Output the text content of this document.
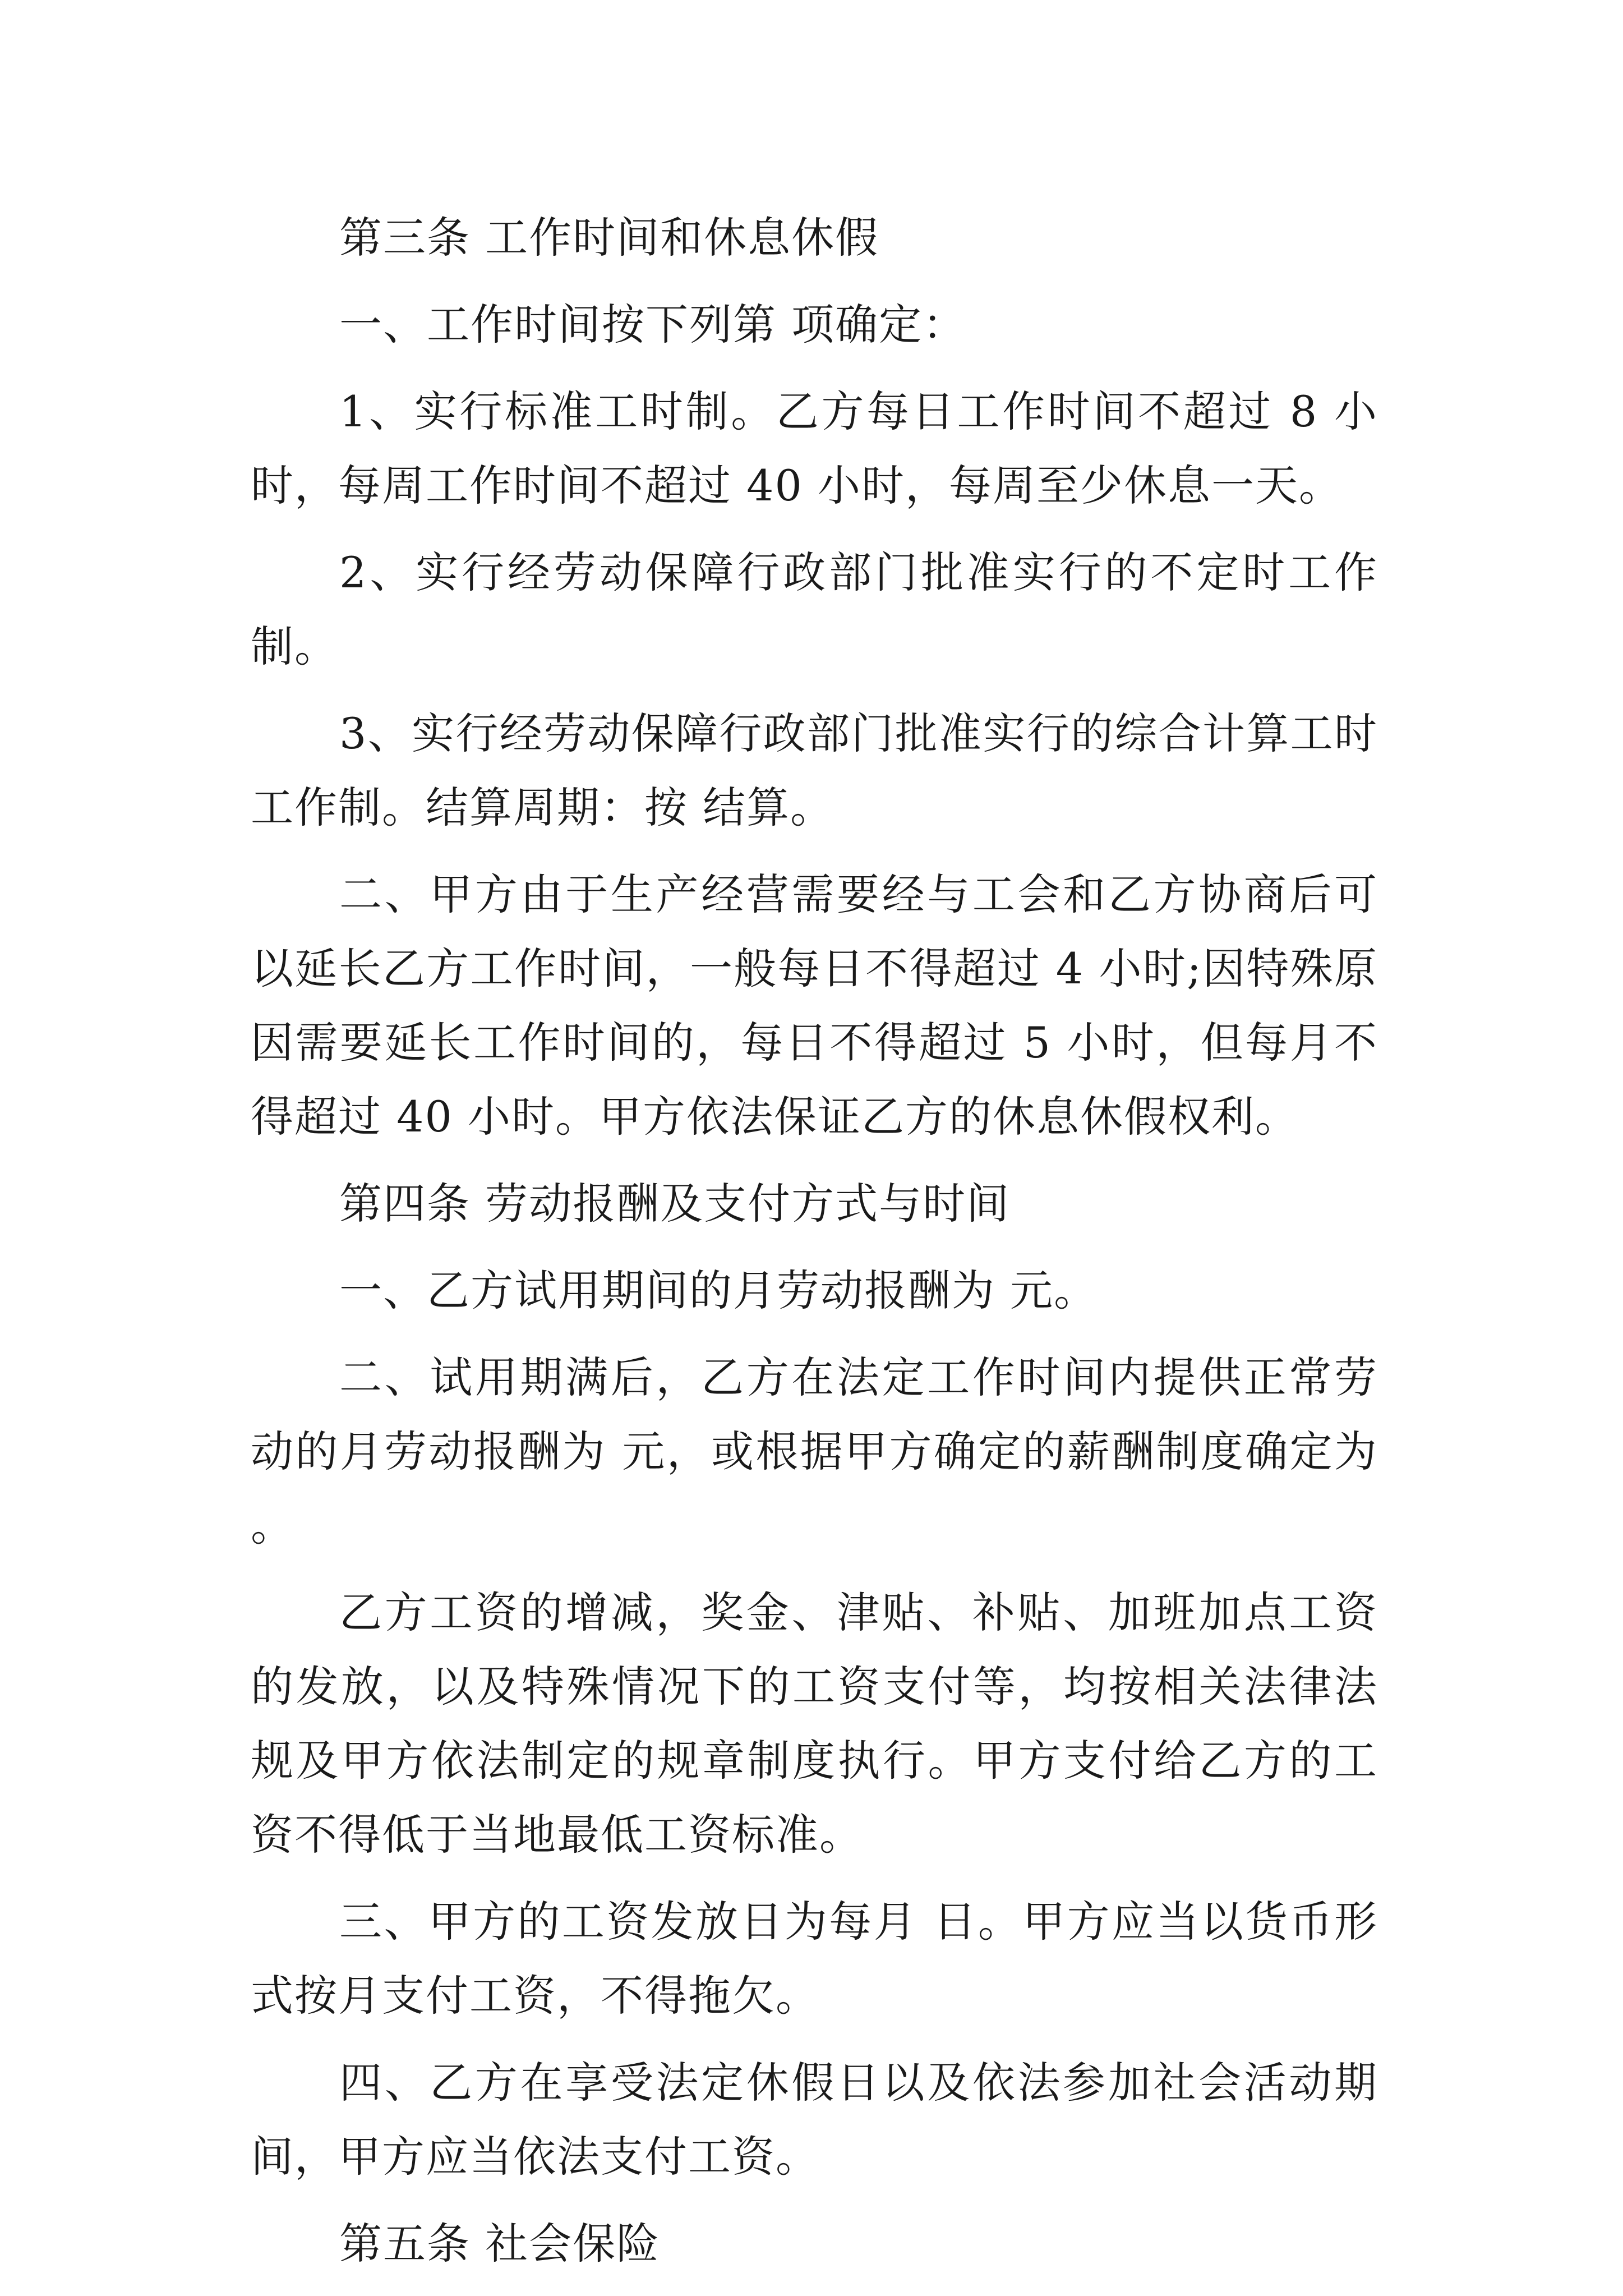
第三条 工作时间和休息休假

一、工作时间按下列第 项确定：

1、实行标准工时制。乙方每日工作时间不超过 8 小时，每周工作时间不超过 40 小时，每周至少休息一天。

2、实行经劳动保障行政部门批准实行的不定时工作制。

3、实行经劳动保障行政部门批准实行的综合计算工时工作制。结算周期：按 结算。

二、甲方由于生产经营需要经与工会和乙方协商后可以延长乙方工作时间，一般每日不得超过 4 小时;因特殊原因需要延长工作时间的，每日不得超过 5 小时，但每月不得超过 40 小时。甲方依法保证乙方的休息休假权利。

第四条 劳动报酬及支付方式与时间

一、乙方试用期间的月劳动报酬为 元。

二、试用期满后，乙方在法定工作时间内提供正常劳动的月劳动报酬为 元，或根据甲方确定的薪酬制度确定为 。

乙方工资的增减，奖金、津贴、补贴、加班加点工资的发放，以及特殊情况下的工资支付等，均按相关法律法规及甲方依法制定的规章制度执行。甲方支付给乙方的工资不得低于当地最低工资标准。

三、甲方的工资发放日为每月 日。甲方应当以货币形式按月支付工资，不得拖欠。

四、乙方在享受法定休假日以及依法参加社会活动期间，甲方应当依法支付工资。

第五条 社会保险
